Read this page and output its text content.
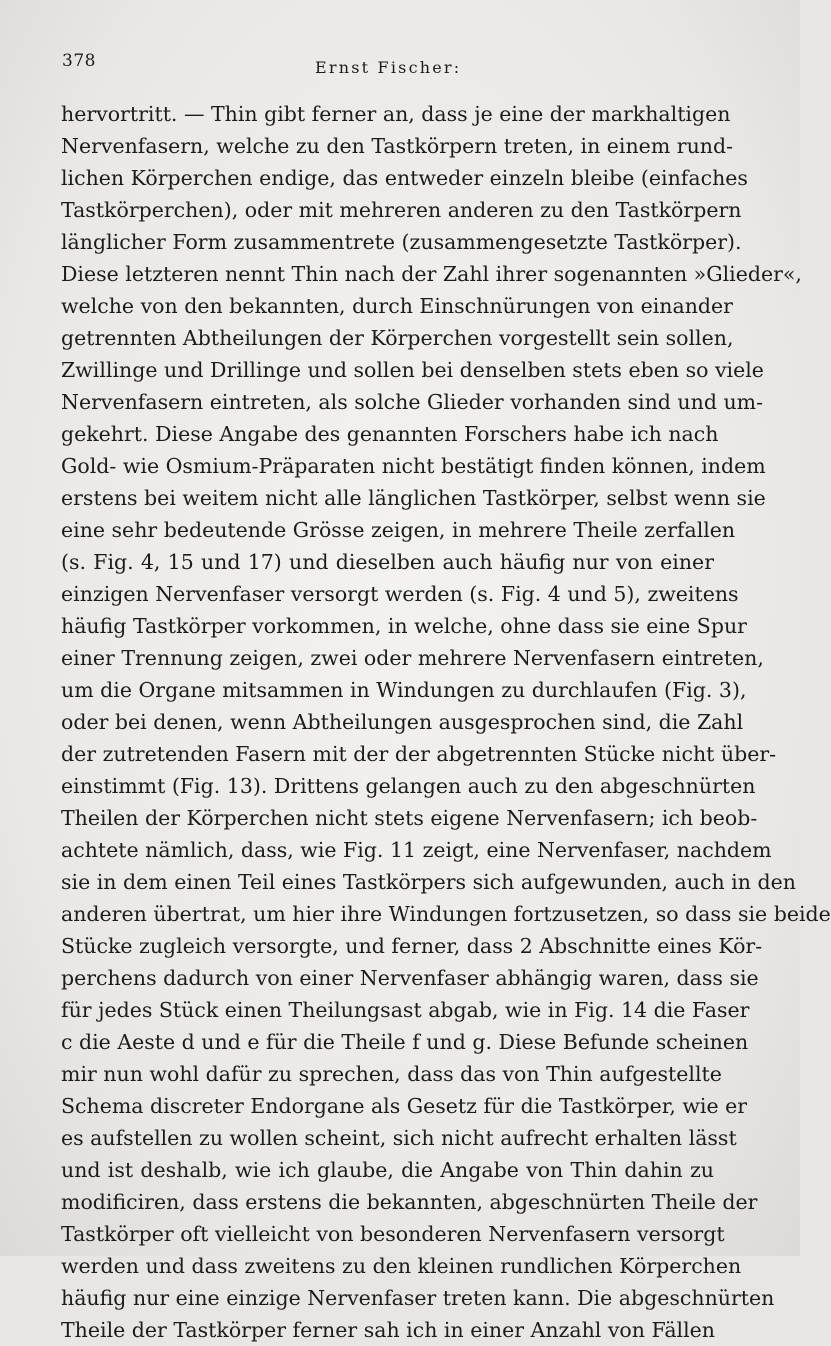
378	Ernst Fischer:
hervortritt. — Thin gibt ferner an, dass je eine der markhaltigen
Nervenfasern, welche zu den Tastkörpern treten, in einem rund-
lichen Körperchen endige, das entweder einzeln bleibe (einfaches
Tastkörperchen), oder mit mehreren anderen zu den Tastkörpern
länglicher Form zusammentrete (zusammengesetzte Tastkörper).
Diese letzteren nennt Thin nach der Zahl ihrer sogenannten »Glieder«,
welche von den bekannten, durch Einschnürungen von einander
getrennten Abtheilungen der Körperchen vorgestellt sein sollen,
Zwillinge und Drillinge und sollen bei denselben stets eben so viele
Nervenfasern eintreten, als solche Glieder vorhanden sind und um-
gekehrt. Diese Angabe des genannten Forschers habe ich nach
Gold- wie Osmium-Präparaten nicht bestätigt finden können, indem
erstens bei weitem nicht alle länglichen Tastkörper, selbst wenn sie
eine sehr bedeutende Grösse zeigen, in mehrere Theile zerfallen
(s. Fig. 4, 15 und 17) und dieselben auch häufig nur von einer
einzigen Nervenfaser versorgt werden (s. Fig. 4 und 5), zweitens
häufig Tastkörper vorkommen, in welche, ohne dass sie eine Spur
einer Trennung zeigen, zwei oder mehrere Nervenfasern eintreten,
um die Organe mitsammen in Windungen zu durchlaufen (Fig. 3),
oder bei denen, wenn Abtheilungen ausgesprochen sind, die Zahl
der zutretenden Fasern mit der der abgetrennten Stücke nicht über-
einstimmt (Fig. 13). Drittens gelangen auch zu den abgeschnürten
Theilen der Körperchen nicht stets eigene Nervenfasern; ich beob-
achtete nämlich, dass, wie Fig. 11 zeigt, eine Nervenfaser, nachdem
sie in dem einen Teil eines Tastkörpers sich aufgewunden, auch in den
anderen übertrat, um hier ihre Windungen fortzusetzen, so dass sie beide
Stücke zugleich versorgte, und ferner, dass 2 Abschnitte eines Kör-
perchens dadurch von einer Nervenfaser abhängig waren, dass sie
für jedes Stück einen Theilungsast abgab, wie in Fig. 14 die Faser
c die Aeste d und e für die Theile f und g. Diese Befunde scheinen
mir nun wohl dafür zu sprechen, dass das von Thin aufgestellte
Schema discreter Endorgane als Gesetz für die Tastkörper, wie er
es aufstellen zu wollen scheint, sich nicht aufrecht erhalten lässt
und ist deshalb, wie ich glaube, die Angabe von Thin dahin zu
modificiren, dass erstens die bekannten, abgeschnürten Theile der
Tastkörper oft vielleicht von besonderen Nervenfasern versorgt
werden und dass zweitens zu den kleinen rundlichen Körperchen
häufig nur eine einzige Nervenfaser treten kann. Die abgeschnürten
Theile der Tastkörper ferner sah ich in einer Anzahl von Fällen
